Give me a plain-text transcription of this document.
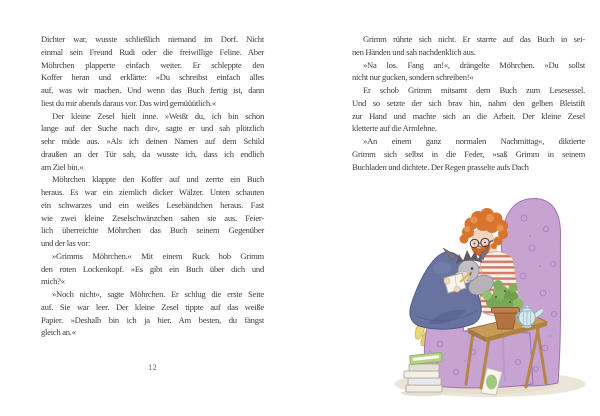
Dichter war, wusste schließlich niemand im Dorf. Nicht
einmal sein Freund Rudi oder die freiwillige Feline. Aber
Möhrchen plapperte einfach weiter. Er schleppte den
Koffer heran und erklärte: »Du schreibst einfach alles
auf, was wir machen. Und wenn das Buch fertig ist, dann
liest du mir abends daraus vor. Das wird gemüüütlich.«
Der kleine Zesel hielt inne. »Weißt du, ich bin schon
lange auf der Suche nach dir«, sagte er und sah plötzlich
sehr müde aus. »Als ich deinen Namen auf dem Schild
draußen an der Tür sah, da wusste ich, dass ich endlich
am Ziel bin.«
Möhrchen klappte den Koffer auf und zerrte ein Buch
heraus. Es war ein ziemlich dicker Wälzer. Unten schauten
ein schwarzes und ein weißes Lesebändchen heraus. Fast
wie zwei kleine Zeselschwänzchen sahen sie aus. Feier-
lich überreichte Möhrchen das Buch seinem Gegenüber
und der las vor:
»Grimms Möhrchen.« Mit einem Ruck hob Grimm
den roten Lockenkopf. »Es gibt ein Buch über dich und
mich?«
»Noch nicht«, sagte Möhrchen. Er schlug die erste Seite
auf. Sie war leer. Der kleine Zesel tippte auf das weiße
Papier. »Deshalb bin ich ja hier. Am besten, du fängst
gleich an.«
12
Grimm rührte sich nicht. Er starrte auf das Buch in sei-
nen Händen und sah nachdenklich aus.
»Na los. Fang an!«, drängelte Möhrchen. »Du sollst
nicht nur gucken, sondern schreiben!«
Er schob Grimm mitsamt dem Buch zum Lesesessel.
Und so setzte der sich brav hin, nahm den gelben Bleistift
zur Hand und machte sich an die Arbeit. Der kleine Zesel
kletterte auf die Armlehne.
»An einem ganz normalen Nachmittag«, diktierte
Grimm sich selbst in die Feder, »saß Grimm in seinem
Buchladen und dichtete. Der Regen prasselte aufs Dach
